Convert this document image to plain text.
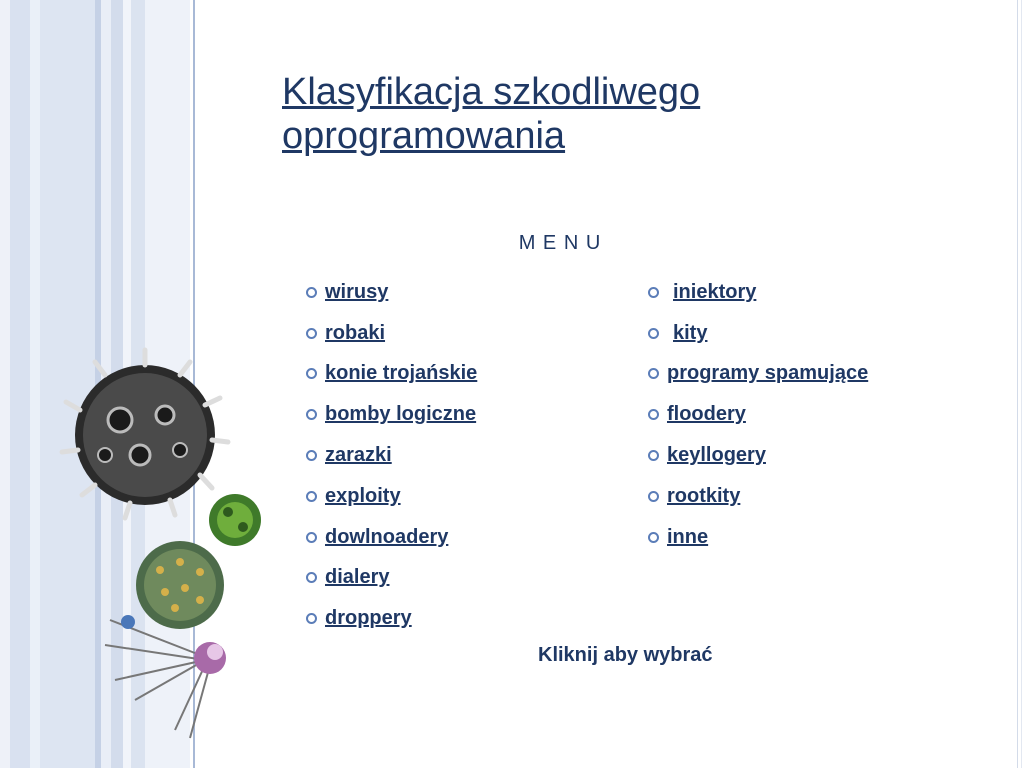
Klasyfikacja szkodliwego oprogramowania
M E N U
wirusy
robaki
konie trojańskie
bomby logiczne
zarazki
exploity
dowlnoadery
dialery
droppery
iniektory
kity
programy spamujące
floodery
keyllogery
rootkity
inne
Kliknij aby wybrać
